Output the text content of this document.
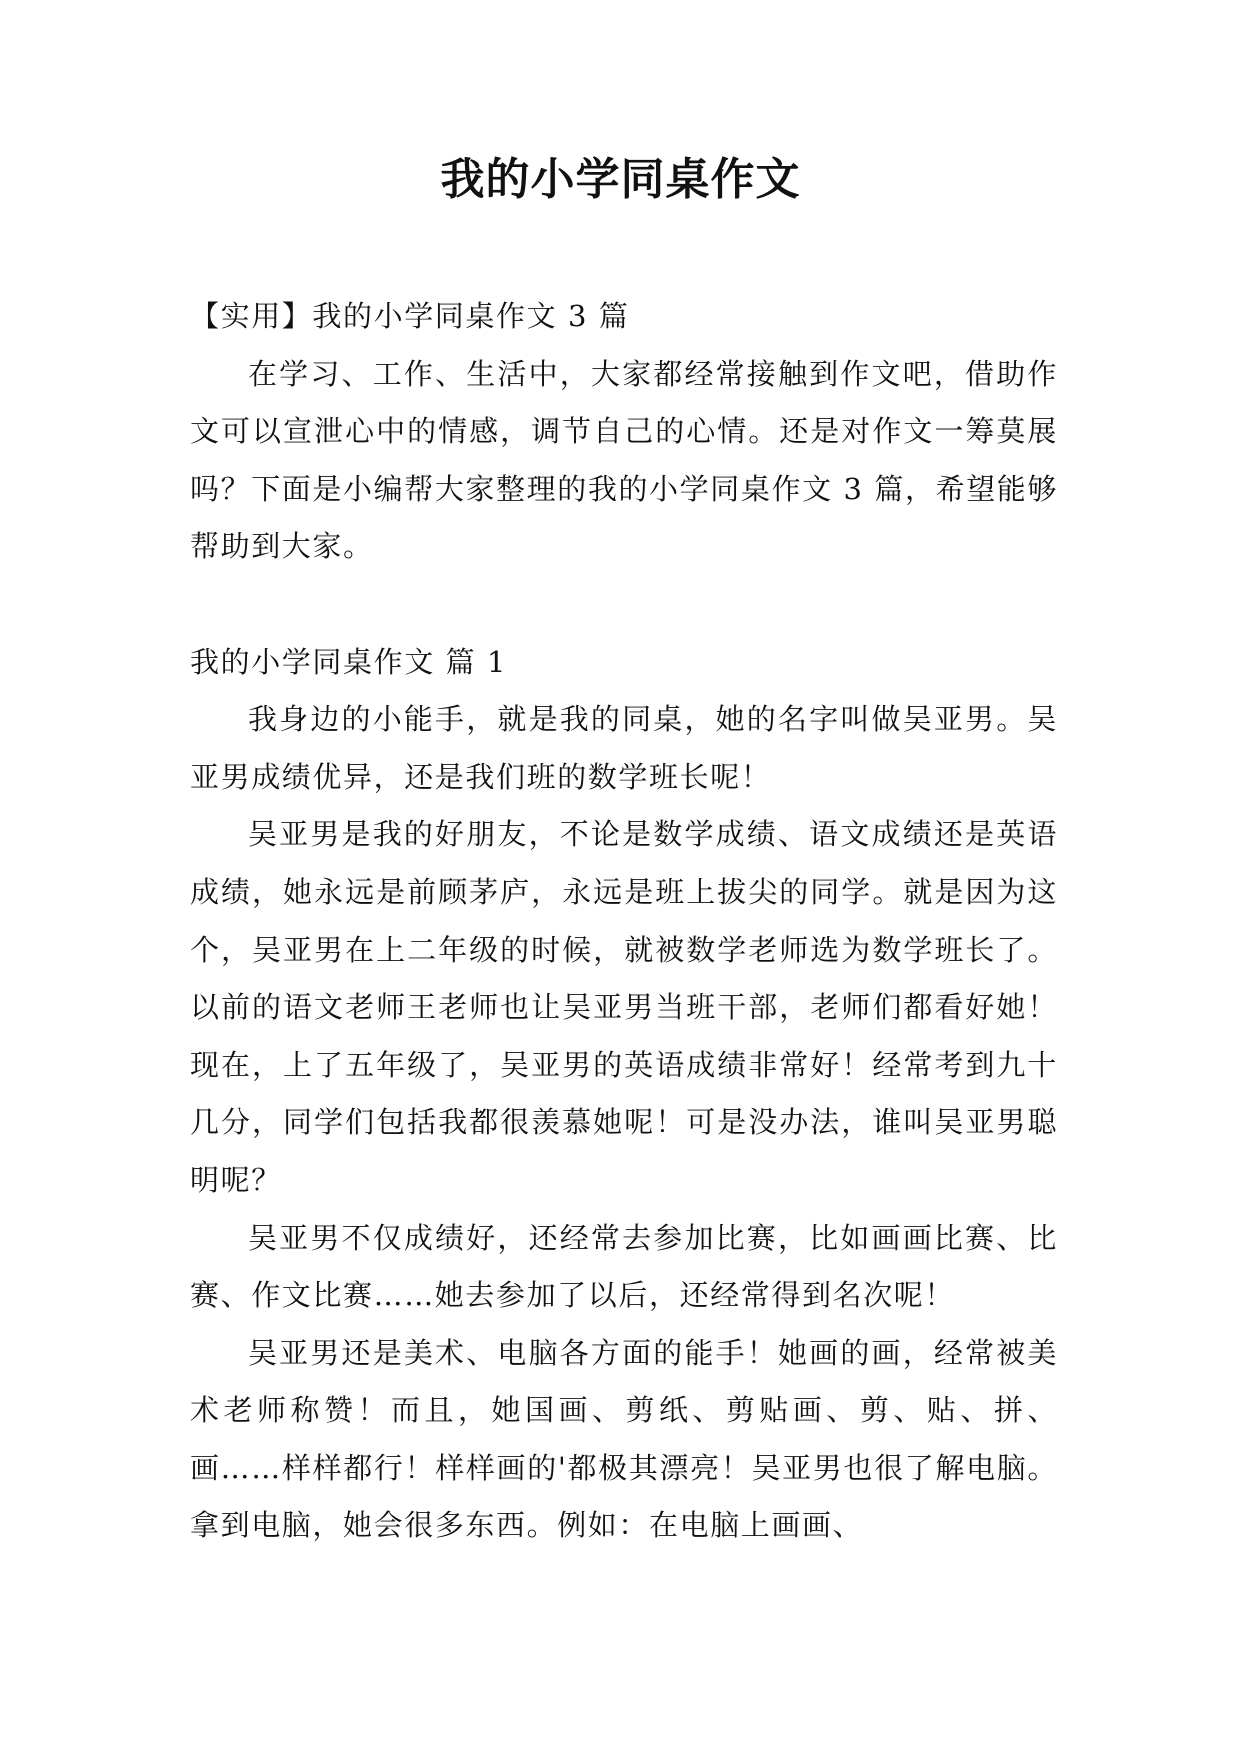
我的小学同桌作文

【实用】我的小学同桌作文 3 篇

在学习、工作、生活中，大家都经常接触到作文吧，借助作文可以宣泄心中的情感，调节自己的心情。还是对作文一筹莫展吗？下面是小编帮大家整理的我的小学同桌作文 3 篇，希望能够帮助到大家。

我的小学同桌作文 篇 1

我身边的小能手，就是我的同桌，她的名字叫做吴亚男。吴亚男成绩优异，还是我们班的数学班长呢！

吴亚男是我的好朋友，不论是数学成绩、语文成绩还是英语成绩，她永远是前顾茅庐，永远是班上拔尖的同学。就是因为这个，吴亚男在上二年级的时候，就被数学老师选为数学班长了。以前的语文老师王老师也让吴亚男当班干部，老师们都看好她！现在，上了五年级了，吴亚男的英语成绩非常好！经常考到九十几分，同学们包括我都很羡慕她呢！可是没办法，谁叫吴亚男聪明呢？

吴亚男不仅成绩好，还经常去参加比赛，比如画画比赛、比赛、作文比赛……她去参加了以后，还经常得到名次呢！

吴亚男还是美术、电脑各方面的能手！她画的画，经常被美术老师称赞！而且，她国画、剪纸、剪贴画、剪、贴、拼、画……样样都行！样样画的'都极其漂亮！吴亚男也很了解电脑。拿到电脑，她会很多东西。例如：在电脑上画画、
